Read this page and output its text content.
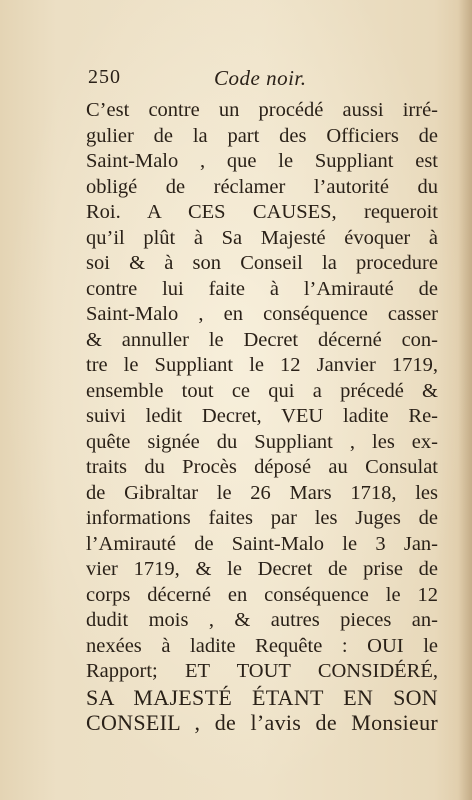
250	Code noir.
C’est contre un procédé aussi irré-
gulier de la part des Officiers de
Saint-Malo , que le Suppliant est
obligé de réclamer l’autorité du
Roi. A CES CAUSES, requeroit
qu’il plût à Sa Majesté évoquer à
soi & à son Conseil la procedure
contre lui faite à l’Amirauté de
Saint-Malo , en conséquence casser
& annuller le Decret décerné con-
tre le Suppliant le 12 Janvier 1719,
ensemble tout ce qui a précedé &
suivi ledit Decret, VEU ladite Re-
quête signée du Suppliant , les ex-
traits du Procès déposé au Consulat
de Gibraltar le 26 Mars 1718, les
informations faites par les Juges de
l’Amirauté de Saint-Malo le 3 Jan-
vier 1719, & le Decret de prise de
corps décerné en conséquence le 12
dudit mois , & autres pieces an-
nexées à ladite Requête : OUI le
Rapport; ET TOUT CONSIDÉRÉ,
SA MAJESTÉ ÉTANT EN SON
CONSEIL , de l’avis de Monsieur
